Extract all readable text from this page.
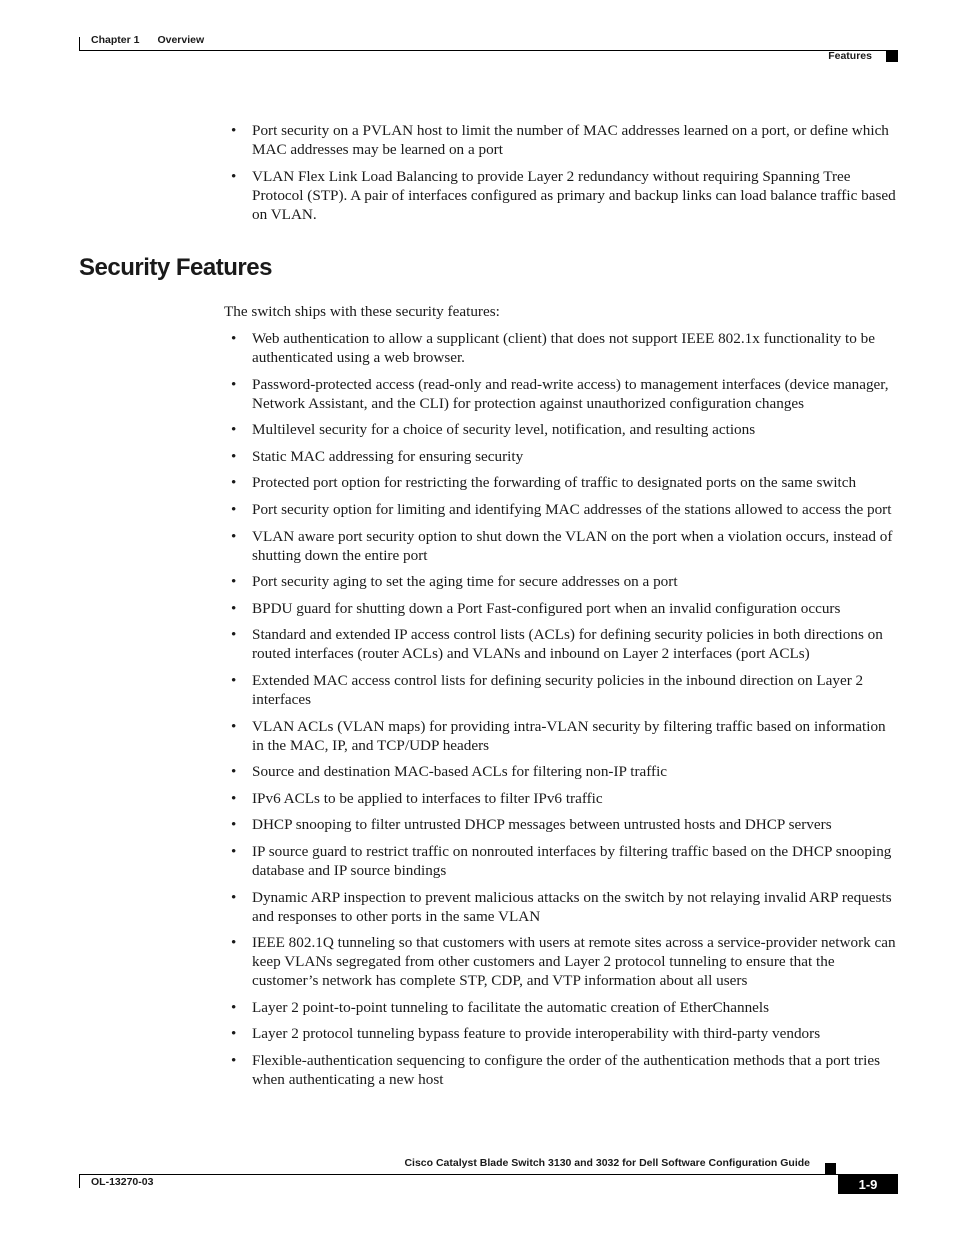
Chapter 1 Overview
Features
• Port security on a PVLAN host to limit the number of MAC addresses learned on a port, or define which MAC addresses may be learned on a port
• VLAN Flex Link Load Balancing to provide Layer 2 redundancy without requiring Spanning Tree Protocol (STP). A pair of interfaces configured as primary and backup links can load balance traffic based on VLAN.
Security Features
The switch ships with these security features:
• Web authentication to allow a supplicant (client) that does not support IEEE 802.1x functionality to be authenticated using a web browser.
• Password-protected access (read-only and read-write access) to management interfaces (device manager, Network Assistant, and the CLI) for protection against unauthorized configuration changes
• Multilevel security for a choice of security level, notification, and resulting actions
• Static MAC addressing for ensuring security
• Protected port option for restricting the forwarding of traffic to designated ports on the same switch
• Port security option for limiting and identifying MAC addresses of the stations allowed to access the port
• VLAN aware port security option to shut down the VLAN on the port when a violation occurs, instead of shutting down the entire port
• Port security aging to set the aging time for secure addresses on a port
• BPDU guard for shutting down a Port Fast-configured port when an invalid configuration occurs
• Standard and extended IP access control lists (ACLs) for defining security policies in both directions on routed interfaces (router ACLs) and VLANs and inbound on Layer 2 interfaces (port ACLs)
• Extended MAC access control lists for defining security policies in the inbound direction on Layer 2 interfaces
• VLAN ACLs (VLAN maps) for providing intra-VLAN security by filtering traffic based on information in the MAC, IP, and TCP/UDP headers
• Source and destination MAC-based ACLs for filtering non-IP traffic
• IPv6 ACLs to be applied to interfaces to filter IPv6 traffic
• DHCP snooping to filter untrusted DHCP messages between untrusted hosts and DHCP servers
• IP source guard to restrict traffic on nonrouted interfaces by filtering traffic based on the DHCP snooping database and IP source bindings
• Dynamic ARP inspection to prevent malicious attacks on the switch by not relaying invalid ARP requests and responses to other ports in the same VLAN
• IEEE 802.1Q tunneling so that customers with users at remote sites across a service-provider network can keep VLANs segregated from other customers and Layer 2 protocol tunneling to ensure that the customer’s network has complete STP, CDP, and VTP information about all users
• Layer 2 point-to-point tunneling to facilitate the automatic creation of EtherChannels
• Layer 2 protocol tunneling bypass feature to provide interoperability with third-party vendors
• Flexible-authentication sequencing to configure the order of the authentication methods that a port tries when authenticating a new host
Cisco Catalyst Blade Switch 3130 and 3032 for Dell Software Configuration Guide
OL-13270-03	1-9
